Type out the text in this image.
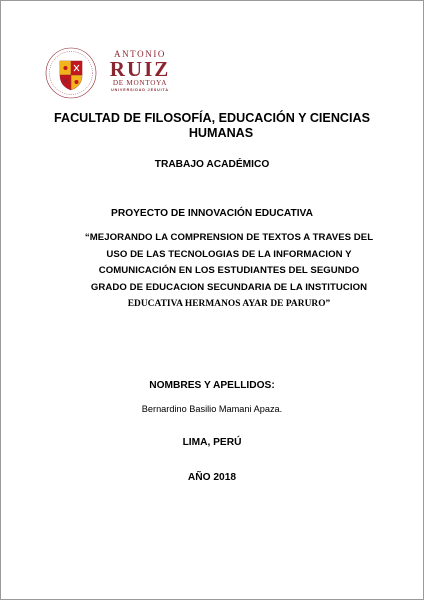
ANTONIO
RUIZ
DE MONTOYA
UNIVERSIDAD JESUITA
FACULTAD DE FILOSOFÍA, EDUCACIÓN Y CIENCIAS
HUMANAS
TRABAJO ACADÉMICO
PROYECTO DE INNOVACIÓN EDUCATIVA
“MEJORANDO LA COMPRENSION DE TEXTOS A TRAVES DEL
USO DE LAS TECNOLOGIAS DE LA INFORMACION Y
COMUNICACIÓN EN LOS ESTUDIANTES DEL SEGUNDO
GRADO DE EDUCACION SECUNDARIA DE LA INSTITUCION
EDUCATIVA HERMANOS AYAR DE PARURO”
NOMBRES Y APELLIDOS:
Bernardino Basilio Mamani Apaza.
LIMA, PERÚ
AÑO 2018
